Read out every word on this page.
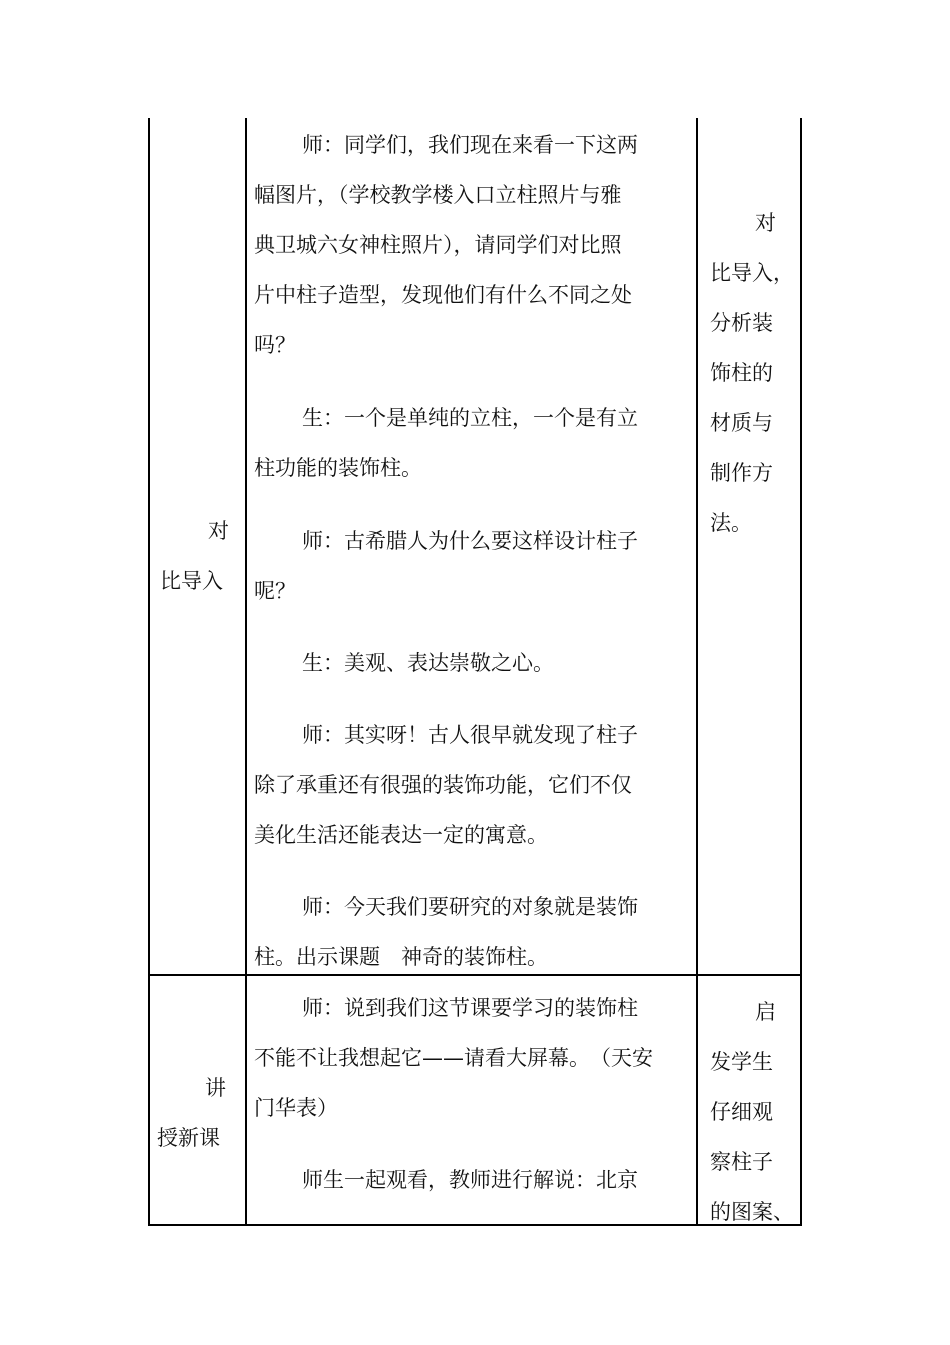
对
比导入
师：同学们，我们现在来看一下这两
幅图片，（学校教学楼入口立柱照片与雅
典卫城六女神柱照片），请同学们对比照
片中柱子造型，发现他们有什么不同之处
吗？
生：一个是单纯的立柱，一个是有立
柱功能的装饰柱。
师：古希腊人为什么要这样设计柱子
呢？
生：美观、表达崇敬之心。
师：其实呀！古人很早就发现了柱子
除了承重还有很强的装饰功能，它们不仅
美化生活还能表达一定的寓意。
师：今天我们要研究的对象就是装饰
柱。出示课题　神奇的装饰柱。
对
比导入，
分析装
饰柱的
材质与
制作方
法。
讲
授新课
师：说到我们这节课要学习的装饰柱
不能不让我想起它——请看大屏幕。　（天安
门华表）
师生一起观看，教师进行解说：北京
启
发学生
仔细观
察柱子
的图案、
